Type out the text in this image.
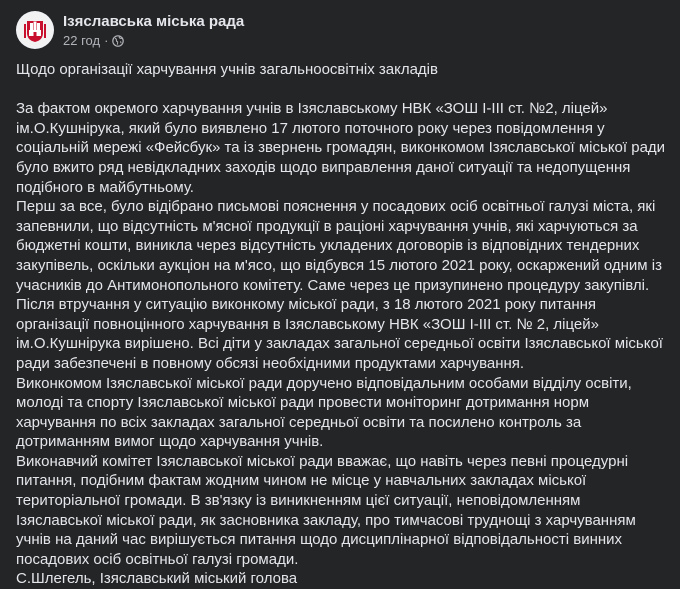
Ізяславська міська рада
22 год ·

Щодо організації харчування учнів загальноосвітніх закладів

За фактом окремого харчування учнів в Ізяславському НВК «ЗОШ І-ІІІ ст. №2, ліцей» ім.О.Кушнірука, який було виявлено 17 лютого поточного року через повідомлення у соціальній мережі «Фейсбук» та із звернень громадян, виконкомом Ізяславської міської ради було вжито ряд невідкладних заходів щодо виправлення даної ситуації та недопущення подібного в майбутньому.

Перш за все, було відібрано письмові пояснення у посадових осіб освітньої галузі міста, які запевнили, що відсутність м'ясної продукції в раціоні харчування учнів, які харчуються за бюджетні кошти, виникла через відсутність укладених договорів із відповідних тендерних закупівель, оскільки аукціон на м'ясо, що відбувся 15 лютого 2021 року, оскаржений одним із учасників до Антимонопольного комітету. Саме через це призупинено процедуру закупівлі.

Після втручання у ситуацію виконкому міської ради, з 18 лютого 2021 року питання організації повноцінного харчування в Ізяславському НВК «ЗОШ І-ІІІ ст. № 2, ліцей» ім.О.Кушнірука вирішено. Всі діти у закладах загальної середньої освіти Ізяславської міської ради забезпечені в повному обсязі необхідними продуктами харчування.

Виконкомом Ізяславської міської ради доручено відповідальним особами відділу освіти, молоді та спорту Ізяславської міської ради провести моніторинг дотримання норм харчування по всіх закладах загальної середньої освіти та посилено контроль за дотриманням вимог щодо харчування учнів.

Виконавчий комітет Ізяславської міської ради вважає, що навіть через певні процедурні питання, подібним фактам жодним чином не місце у навчальних закладах міської територіальної громади. В зв'язку із виникненням цієї ситуації, неповідомленням Ізяславської міської ради, як засновника закладу, про тимчасові труднощі з харчуванням учнів на даний час вирішується питання щодо дисциплінарної відповідальності винних посадових осіб освітньої галузі громади.

С.Шлегель, Ізяславський міський голова
